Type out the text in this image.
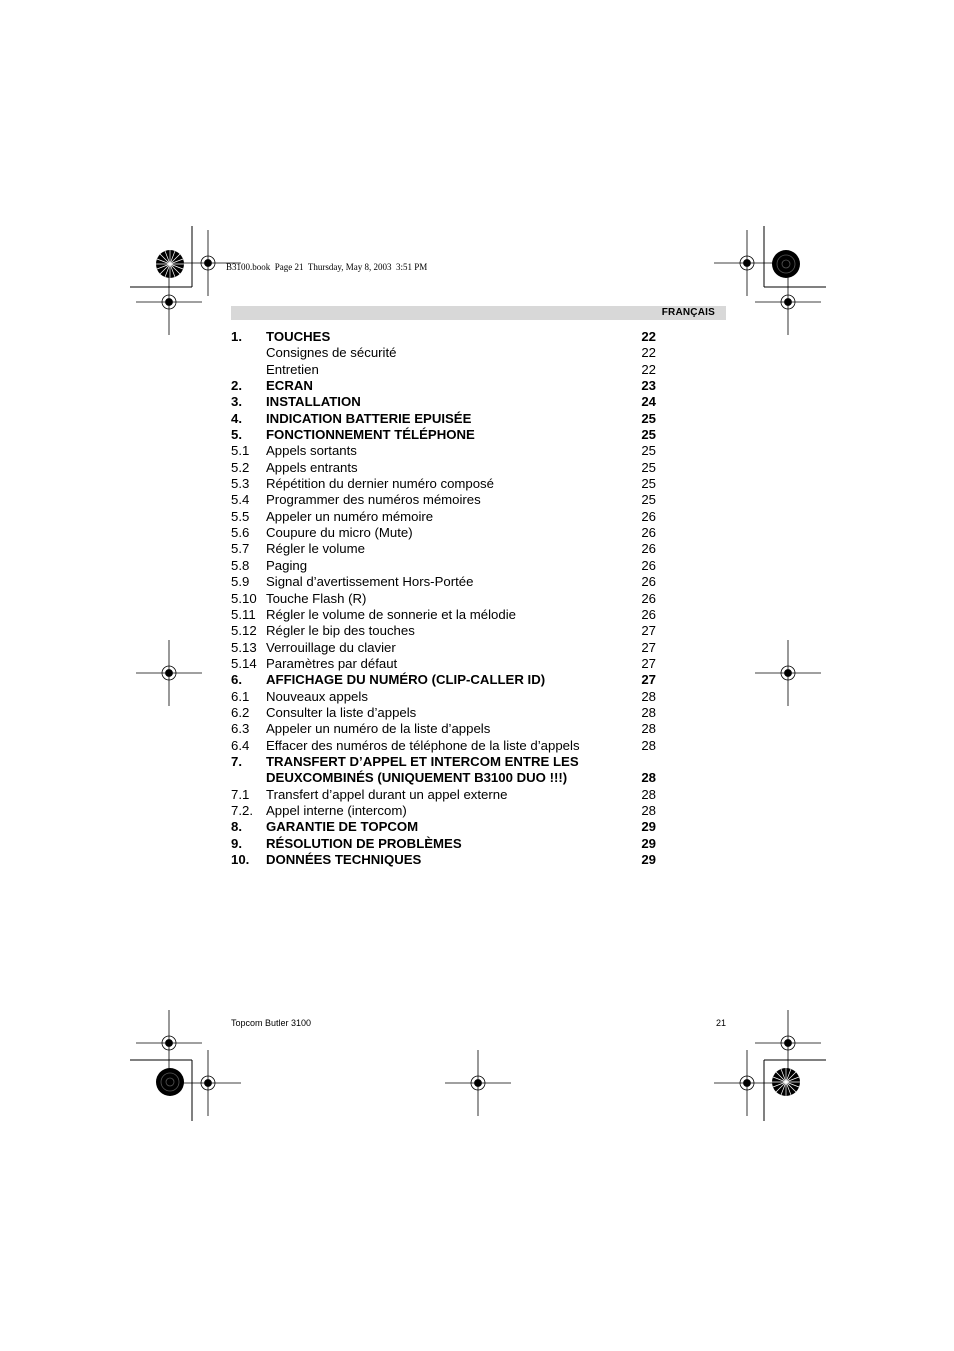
B3100.book  Page 21  Thursday, May 8, 2003  3:51 PM
FRANÇAIS
1. TOUCHES	22
Consignes de sécurité	22
Entretien	22
2. ECRAN	23
3. INSTALLATION	24
4. INDICATION BATTERIE EPUISÉE	25
5. FONCTIONNEMENT TÉLÉPHONE	25
5.1 Appels sortants	25
5.2 Appels entrants	25
5.3 Répétition du dernier numéro composé	25
5.4 Programmer des numéros mémoires	25
5.5 Appeler un numéro mémoire	26
5.6 Coupure du micro (Mute)	26
5.7 Régler le volume	26
5.8 Paging	26
5.9 Signal d’avertissement Hors-Portée	26
5.10 Touche Flash (R)	26
5.11 Régler le volume de sonnerie et la mélodie	26
5.12 Régler le bip des touches	27
5.13 Verrouillage du clavier	27
5.14 Paramètres par défaut	27
6. AFFICHAGE DU NUMÉRO (CLIP-CALLER ID)	27
6.1 Nouveaux appels	28
6.2 Consulter la liste d’appels	28
6.3 Appeler un numéro de la liste d’appels	28
6.4 Effacer des numéros de téléphone de la liste d’appels	28
7. TRANSFERT D’APPEL ET INTERCOM ENTRE LES
DEUXCOMBINÉS (UNIQUEMENT B3100 DUO !!!)	28
7.1 Transfert d’appel durant un appel externe	28
7.2. Appel interne (intercom)	28
8. GARANTIE DE TOPCOM	29
9. RÉSOLUTION DE PROBLÈMES	29
10. DONNÉES TECHNIQUES	29
Topcom Butler 3100	21
